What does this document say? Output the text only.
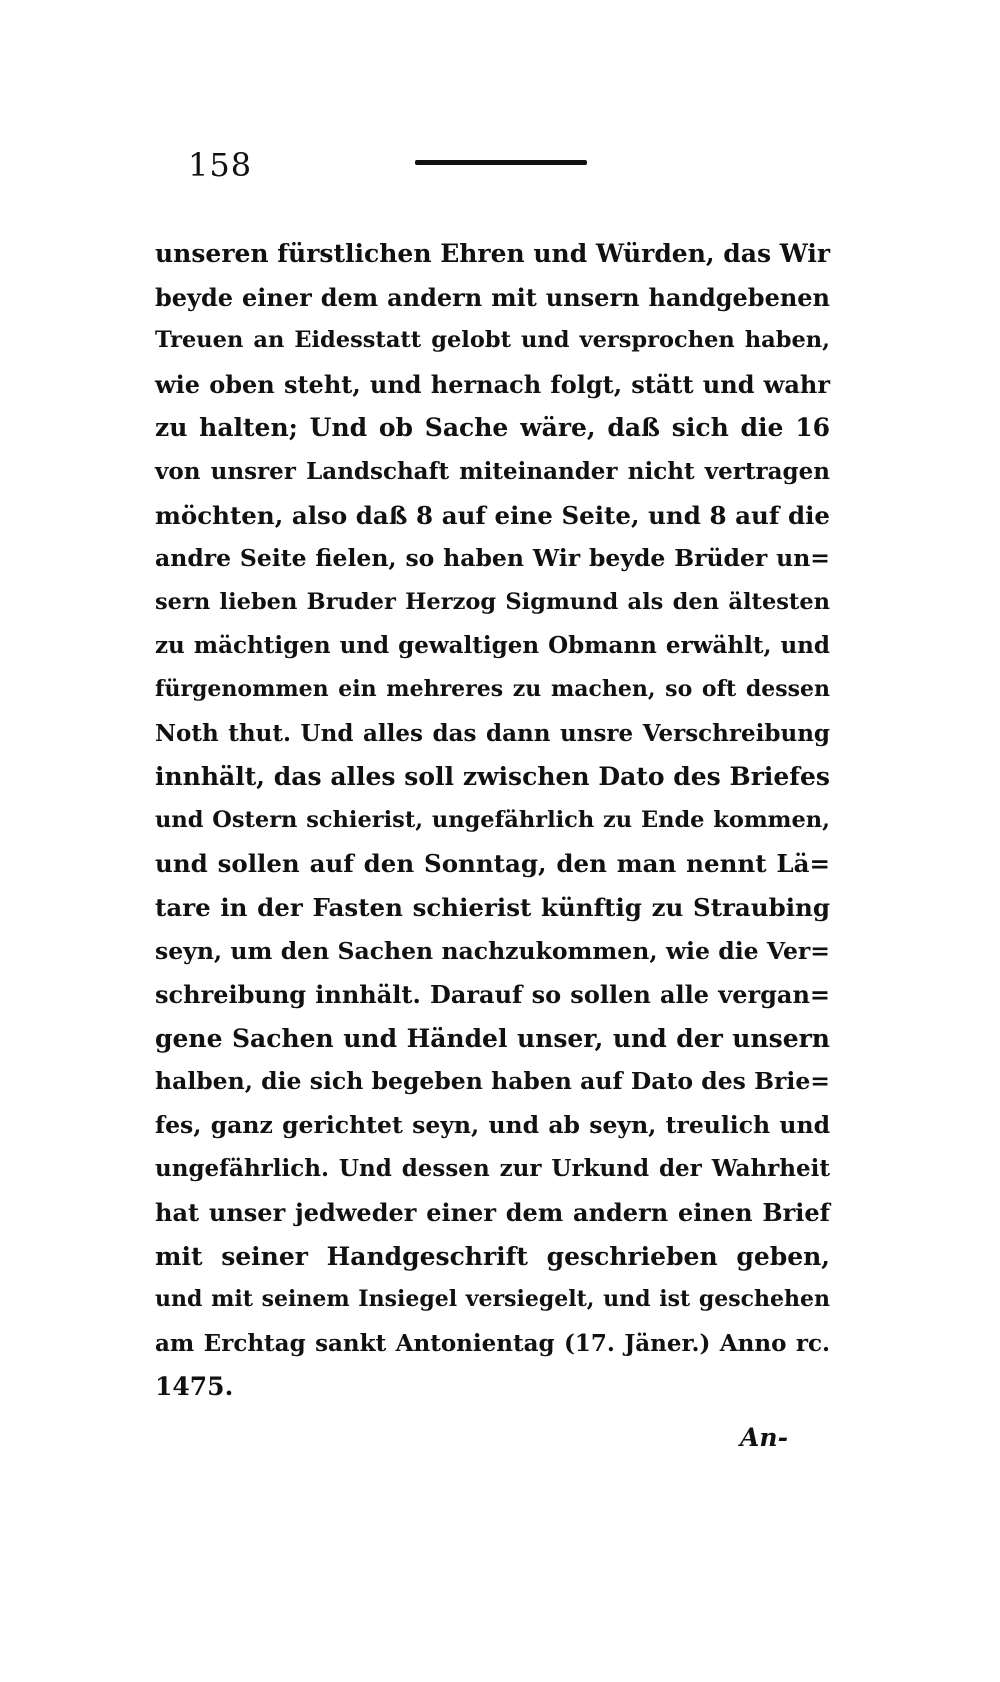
158
unseren fürstlichen Ehren und Würden, das Wir
beyde einer dem andern mit unsern handgebenen
Treuen an Eidesstatt gelobt und versprochen haben,
wie oben steht, und hernach folgt, stätt und wahr
zu halten; Und ob Sache wäre, daß sich die 16
von unsrer Landschaft miteinander nicht vertragen
möchten, also daß 8 auf eine Seite, und 8 auf die
andre Seite fielen, so haben Wir beyde Brüder un=
sern lieben Bruder Herzog Sigmund als den ältesten
zu mächtigen und gewaltigen Obmann erwählt, und
fürgenommen ein mehreres zu machen, so oft dessen
Noth thut. Und alles das dann unsre Verschreibung
innhält, das alles soll zwischen Dato des Briefes
und Ostern schierist, ungefährlich zu Ende kommen,
und sollen auf den Sonntag, den man nennt Lä=
tare in der Fasten schierist künftig zu Straubing
seyn, um den Sachen nachzukommen, wie die Ver=
schreibung innhält. Darauf so sollen alle vergan=
gene Sachen und Händel unser, und der unsern
halben, die sich begeben haben auf Dato des Brie=
fes, ganz gerichtet seyn, und ab seyn, treulich und
ungefährlich. Und dessen zur Urkund der Wahrheit
hat unser jedweder einer dem andern einen Brief
mit seiner Handgeschrift geschrieben geben,
und mit seinem Insiegel versiegelt, und ist geschehen
am Erchtag sankt Antonientag (17. Jäner.) Anno rc.
1475.
An-
